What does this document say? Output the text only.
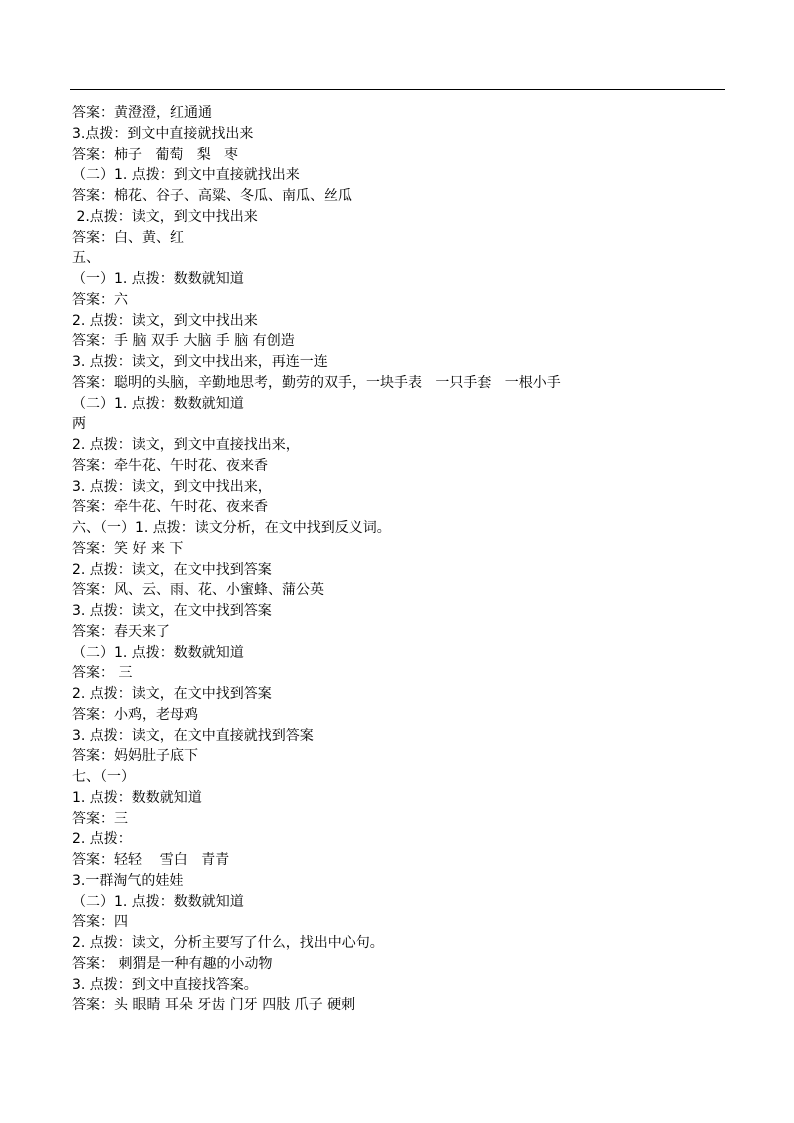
答案：黄澄澄，红通通
3.点拨：到文中直接就找出来
答案：柿子   葡萄   梨   枣
（二）1. 点拨：到文中直接就找出来
答案：棉花、谷子、高粱、冬瓜、南瓜、丝瓜
2.点拨：读文，到文中找出来
答案：白、黄、红
五、
（一）1. 点拨：数数就知道
答案：六
2. 点拨：读文，到文中找出来
答案：手 脑 双手 大脑 手 脑 有创造
3. 点拨：读文，到文中找出来，再连一连
答案：聪明的头脑，辛勤地思考，勤劳的双手，一块手表   一只手套   一根小手
（二）1. 点拨：数数就知道
两
2. 点拨：读文，到文中直接找出来，
答案：牵牛花、午时花、夜来香
3. 点拨：读文，到文中找出来，
答案：牵牛花、午时花、夜来香
六、（一）1. 点拨：读文分析，在文中找到反义词。
答案：笑 好 来 下
2. 点拨：读文，在文中找到答案
答案：风、云、雨、花、小蜜蜂、蒲公英
3. 点拨：读文，在文中找到答案
答案：春天来了
（二）1. 点拨：数数就知道
答案： 三
2. 点拨：读文，在文中找到答案
答案：小鸡，老母鸡
3. 点拨：读文，在文中直接就找到答案
答案：妈妈肚子底下
七、（一）
1. 点拨：数数就知道
答案：三
2. 点拨：
答案：轻轻    雪白   青青
3.一群淘气的娃娃
（二）1. 点拨：数数就知道
答案：四
2. 点拨：读文，分析主要写了什么，找出中心句。
答案： 刺猬是一种有趣的小动物
3. 点拨：到文中直接找答案。
答案：头 眼睛 耳朵 牙齿 门牙 四肢 爪子 硬刺
